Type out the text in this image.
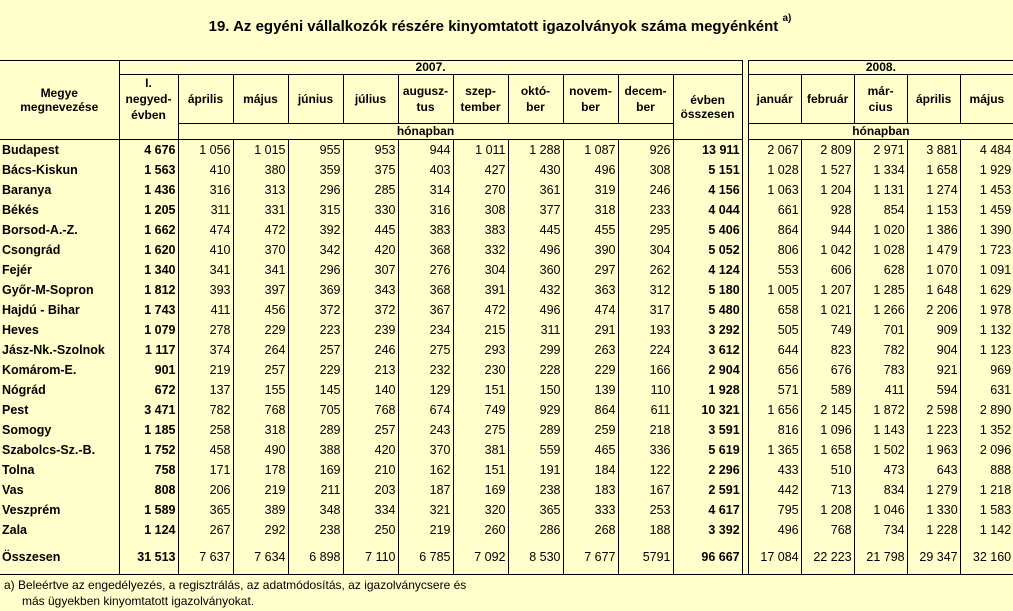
19. Az egyéni vállalkozók részére kinyomtatott igazolványok száma megyénként $^{a)}$
Megye megnevezése	2007.												2008.				
	I. negyed- évben	április	május	június	július	augusz- tus	szep- tember	októ- ber	novem- ber	decem- ber	évben összesen		január	február	már- cius	április	május
		hónapban											hónapban				
Budapest	4 676	1 056	1 015	955	953	944	1 011	1 288	1 087	926	13 911		2 067	2 809	2 971	3 881	4 484
Bács-Kiskun	1 563	410	380	359	375	403	427	430	496	308	5 151		1 028	1 527	1 334	1 658	1 929
Baranya	1 436	316	313	296	285	314	270	361	319	246	4 156		1 063	1 204	1 131	1 274	1 453
Békés	1 205	311	331	315	330	316	308	377	318	233	4 044		661	928	854	1 153	1 459
Borsod-A.-Z.	1 662	474	472	392	445	383	383	445	455	295	5 406		864	944	1 020	1 386	1 390
Csongrád	1 620	410	370	342	420	368	332	496	390	304	5 052		806	1 042	1 028	1 479	1 723
Fejér	1 340	341	341	296	307	276	304	360	297	262	4 124		553	606	628	1 070	1 091
Győr-M-Sopron	1 812	393	397	369	343	368	391	432	363	312	5 180		1 005	1 207	1 285	1 648	1 629
Hajdú - Bihar	1 743	411	456	372	372	367	472	496	474	317	5 480		658	1 021	1 266	2 206	1 978
Heves	1 079	278	229	223	239	234	215	311	291	193	3 292		505	749	701	909	1 132
Jász-Nk.-Szolnok	1 117	374	264	257	246	275	293	299	263	224	3 612		644	823	782	904	1 123
Komárom-E.	901	219	257	229	213	232	230	228	229	166	2 904		656	676	783	921	969
Nógrád	672	137	155	145	140	129	151	150	139	110	1 928		571	589	411	594	631
Pest	3 471	782	768	705	768	674	749	929	864	611	10 321		1 656	2 145	1 872	2 598	2 890
Somogy	1 185	258	318	289	257	243	275	289	259	218	3 591		816	1 096	1 143	1 223	1 352
Szabolcs-Sz.-B.	1 752	458	490	388	420	370	381	559	465	336	5 619		1 365	1 658	1 502	1 963	2 096
Tolna	758	171	178	169	210	162	151	191	184	122	2 296		433	510	473	643	888
Vas	808	206	219	211	203	187	169	238	183	167	2 591		442	713	834	1 279	1 218
Veszprém	1 589	365	389	348	334	321	320	365	333	253	4 617		795	1 208	1 046	1 330	1 583
Zala	1 124	267	292	238	250	219	260	286	268	188	3 392		496	768	734	1 228	1 142
Összesen	31 513	7 637	7 634	6 898	7 110	6 785	7 092	8 530	7 677	5791	96 667		17 084	22 223	21 798	29 347	32 160
a) Beleértve az engedélyezés, a regisztrálás, az adatmódosítás, az igazolványcsere és
más ügyekben kinyomtatott igazolványokat.
